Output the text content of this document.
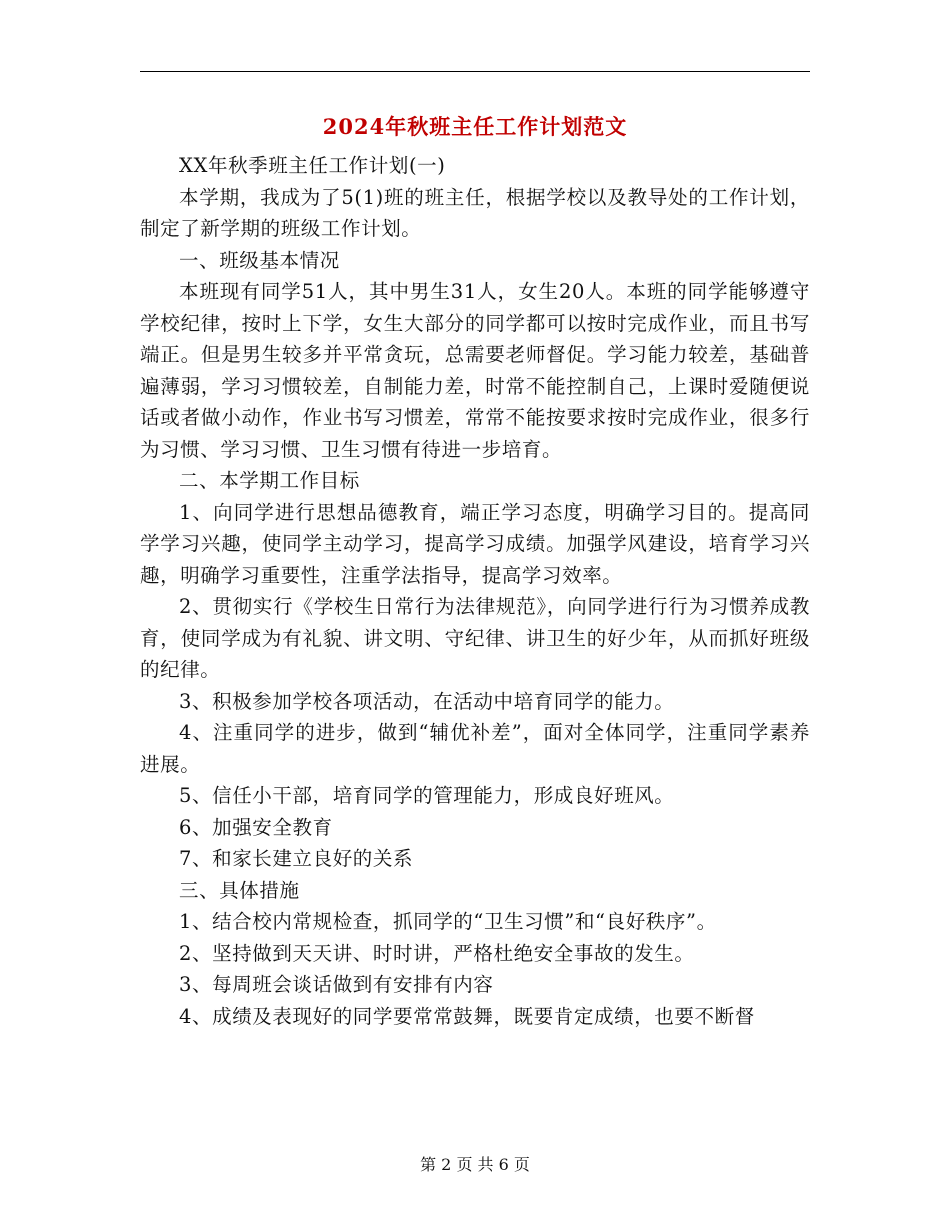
2024年秋班主任工作计划范文

XX年秋季班主任工作计划(一)

本学期，我成为了5(1)班的班主任，根据学校以及教导处的工作计划，制定了新学期的班级工作计划。

一、班级基本情况

本班现有同学51人，其中男生31人，女生20人。本班的同学能够遵守学校纪律，按时上下学，女生大部分的同学都可以按时完成作业，而且书写端正。但是男生较多并平常贪玩，总需要老师督促。学习能力较差，基础普遍薄弱，学习习惯较差，自制能力差，时常不能控制自己，上课时爱随便说话或者做小动作，作业书写习惯差，常常不能按要求按时完成作业，很多行为习惯、学习习惯、卫生习惯有待进一步培育。

二、本学期工作目标

1、向同学进行思想品德教育，端正学习态度，明确学习目的。提高同学学习兴趣，使同学主动学习，提高学习成绩。加强学风建设，培育学习兴趣，明确学习重要性，注重学法指导，提高学习效率。

2、贯彻实行《学校生日常行为法律规范》，向同学进行行为习惯养成教育，使同学成为有礼貌、讲文明、守纪律、讲卫生的好少年，从而抓好班级的纪律。

3、积极参加学校各项活动，在活动中培育同学的能力。

4、注重同学的进步，做到“辅优补差”，面对全体同学，注重同学素养进展。

5、信任小干部，培育同学的管理能力，形成良好班风。

6、加强安全教育

7、和家长建立良好的关系

三、具体措施

1、结合校内常规检查，抓同学的“卫生习惯”和“良好秩序”。

2、坚持做到天天讲、时时讲，严格杜绝安全事故的发生。

3、每周班会谈话做到有安排有内容

4、成绩及表现好的同学要常常鼓舞，既要肯定成绩，也要不断督

第 2 页 共 6 页
